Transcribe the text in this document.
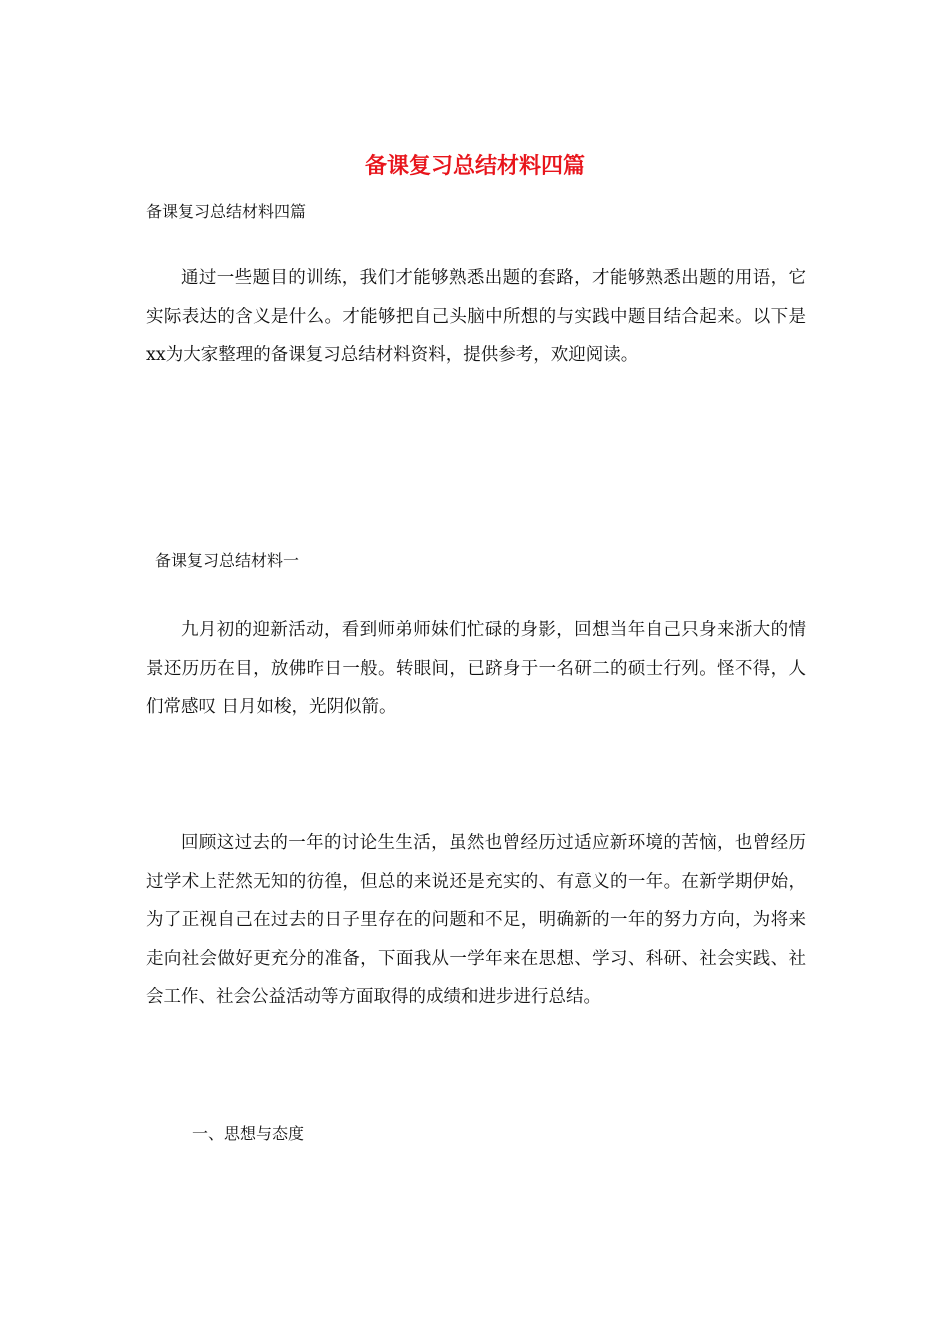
备课复习总结材料四篇

备课复习总结材料四篇

通过一些题目的训练，我们才能够熟悉出题的套路，才能够熟悉出题的用语，它实际表达的含义是什么。才能够把自己头脑中所想的与实践中题目结合起来。以下是xx为大家整理的备课复习总结材料资料，提供参考，欢迎阅读。

备课复习总结材料一

九月初的迎新活动，看到师弟师妹们忙碌的身影，回想当年自己只身来浙大的情景还历历在目，放佛昨日一般。转眼间，已跻身于一名研二的硕士行列。怪不得，人们常感叹 日月如梭，光阴似箭。

回顾这过去的一年的讨论生生活，虽然也曾经历过适应新环境的苦恼，也曾经历过学术上茫然无知的彷徨，但总的来说还是充实的、有意义的一年。在新学期伊始，为了正视自己在过去的日子里存在的问题和不足，明确新的一年的努力方向，为将来走向社会做好更充分的准备，下面我从一学年来在思想、学习、科研、社会实践、社会工作、社会公益活动等方面取得的成绩和进步进行总结。

一、思想与态度
